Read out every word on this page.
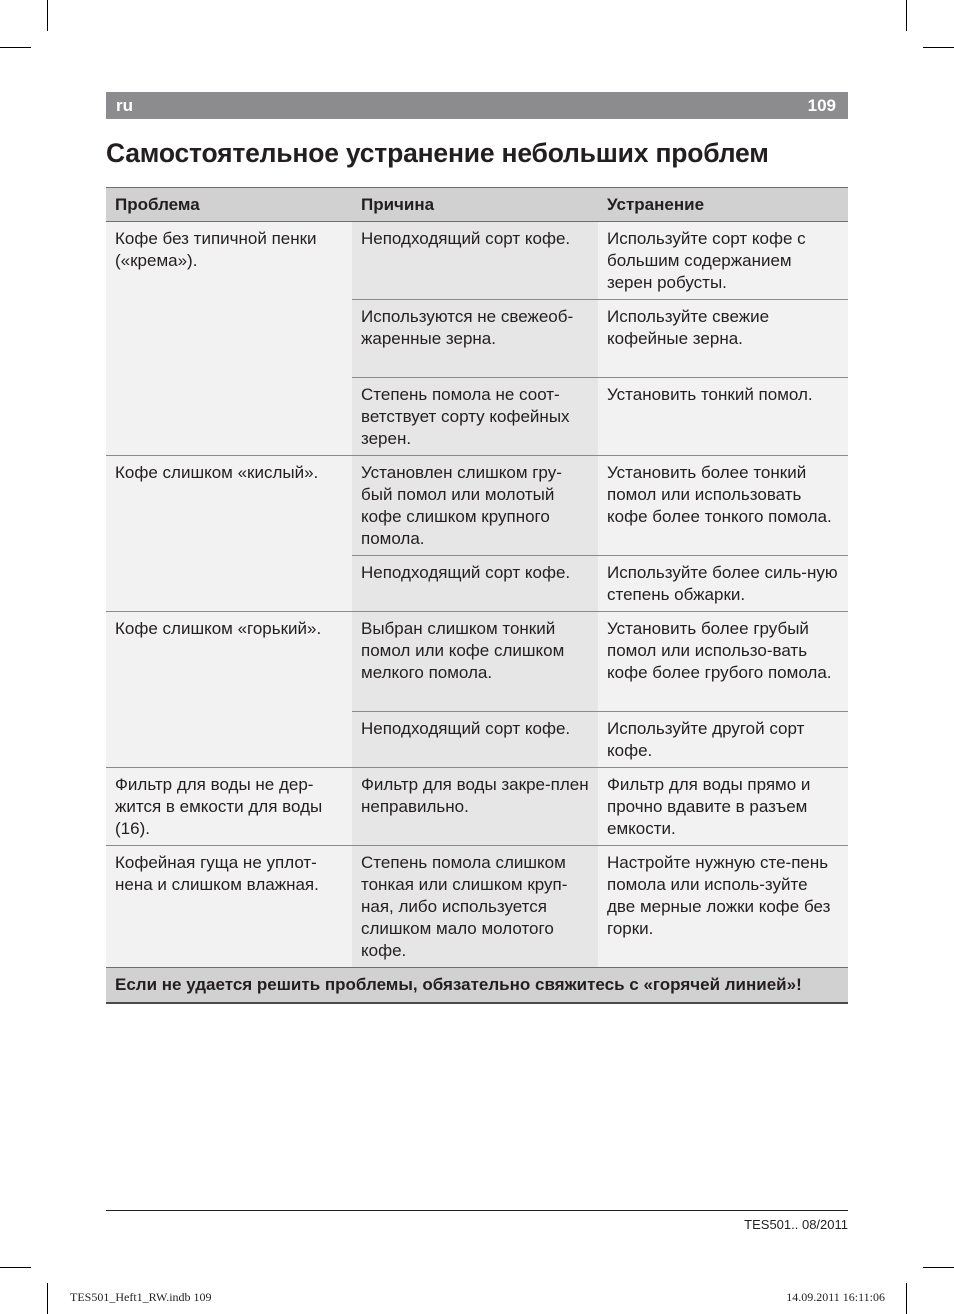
ru	109
Самостоятельное устранение небольших проблем
Проблема	Причина	Устранение
Кофе без типичной пенки («крема»).	Неподходящий сорт кофе.	Используйте сорт кофе с большим содержанием зерен робусты.
	Используются не свежеоб-жаренные зерна.	Используйте свежие кофейные зерна.
	Степень помола не соот-ветствует сорту кофейных зерен.	Установить тонкий помол.
Кофе слишком «кислый».	Установлен слишком гру-бый помол или молотый кофе слишком крупного помола.	Установить более тонкий помол или использовать кофе более тонкого помола.
	Неподходящий сорт кофе.	Используйте более силь-ную степень обжарки.
Кофе слишком «горький».	Выбран слишком тонкий помол или кофе слишком мелкого помола.	Установить более грубый помол или использо-вать кофе более грубого помола.
	Неподходящий сорт кофе.	Используйте другой сорт кофе.
Фильтр для воды не дер-жится в емкости для воды (16).	Фильтр для воды закре-плен неправильно.	Фильтр для воды прямо и прочно вдавите в разъем емкости.
Кофейная гуща не уплот-нена и слишком влажная.	Степень помола слишком тонкая или слишком круп-ная, либо используется слишком мало молотого кофе.	Настройте нужную сте-пень помола или исполь-зуйте две мерные ложки кофе без горки.
Если не удается решить проблемы, обязательно свяжитесь с «горячей линией»!		
TES501.. 08/2011
TES501_Heft1_RW.indb 109	14.09.2011 16:11:06
